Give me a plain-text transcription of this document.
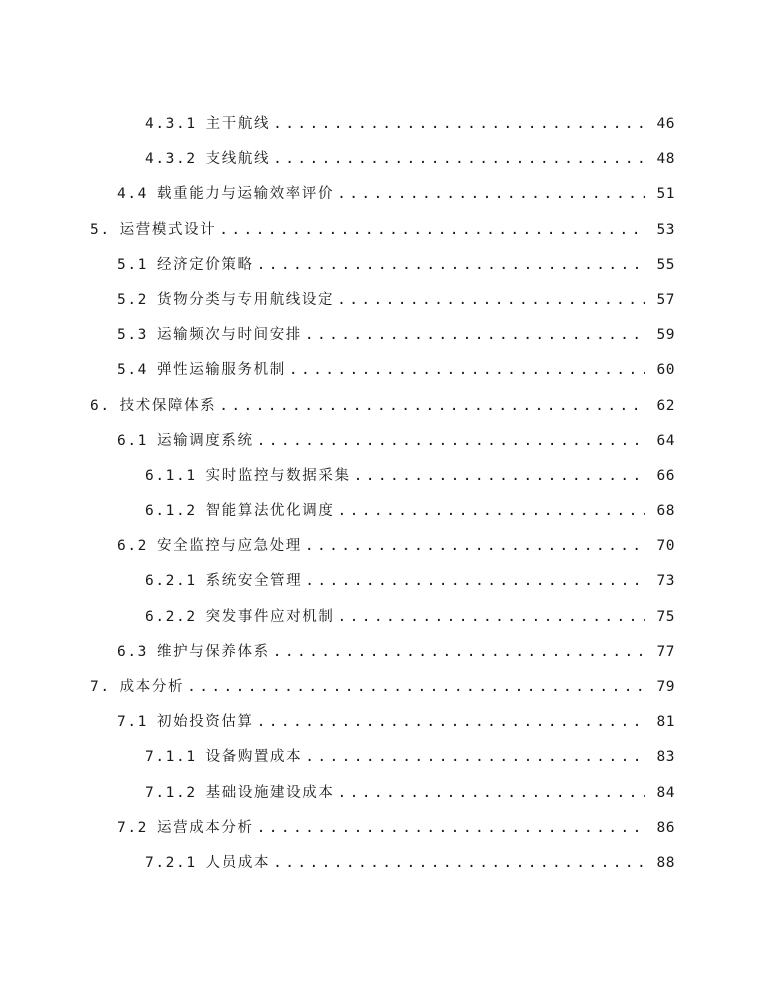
4.3.1 主干航线 .....	46
4.3.2 支线航线 .....	48
4.4 载重能力与运输效率评价 .....	51
5. 运营模式设计 .....	53
5.1 经济定价策略 .....	55
5.2 货物分类与专用航线设定 .....	57
5.3 运输频次与时间安排 .....	59
5.4 弹性运输服务机制 .....	60
6. 技术保障体系 .....	62
6.1 运输调度系统 .....	64
6.1.1 实时监控与数据采集 .....	66
6.1.2 智能算法优化调度 .....	68
6.2 安全监控与应急处理 .....	70
6.2.1 系统安全管理 .....	73
6.2.2 突发事件应对机制 .....	75
6.3 维护与保养体系 .....	77
7. 成本分析 .....	79
7.1 初始投资估算 .....	81
7.1.1 设备购置成本 .....	83
7.1.2 基础设施建设成本 .....	84
7.2 运营成本分析 .....	86
7.2.1 人员成本 .....	88
